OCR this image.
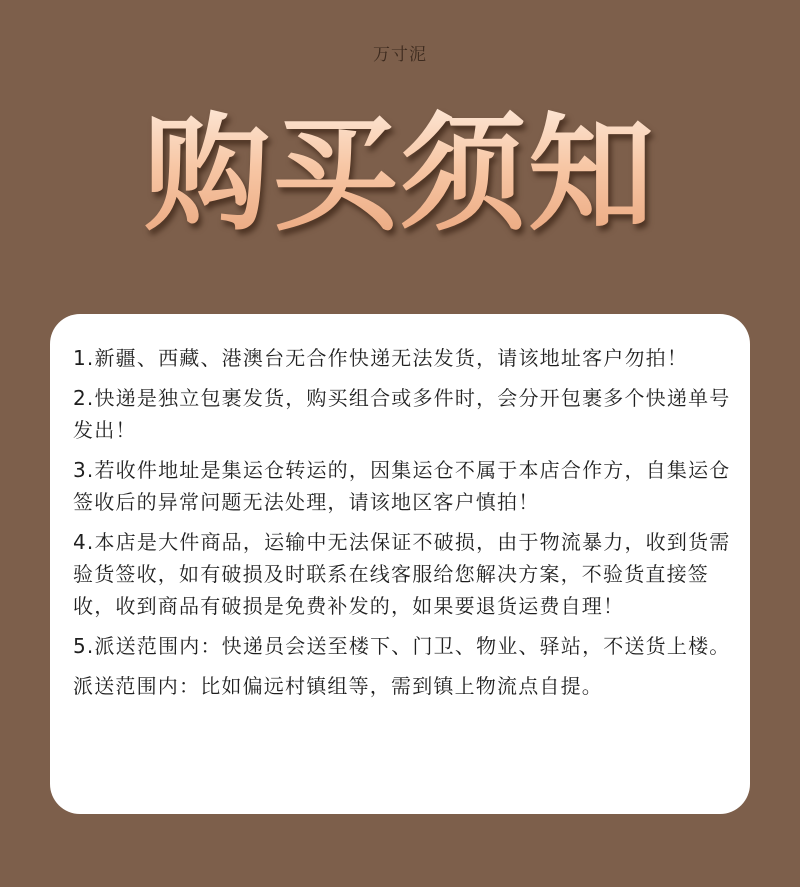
万寸泥
购买须知

1.新疆、西藏、港澳台无合作快递无法发货，请该地址客户勿拍！

2.快递是独立包裹发货，购买组合或多件时，会分开包裹多个快递单号发出！

3.若收件地址是集运仓转运的，因集运仓不属于本店合作方，自集运仓签收后的异常问题无法处理，请该地区客户慎拍！

4.本店是大件商品，运输中无法保证不破损，由于物流暴力，收到货需验货签收，如有破损及时联系在线客服给您解决方案，不验货直接签收，收到商品有破损是免费补发的，如果要退货运费自理！

5.派送范围内：快递员会送至楼下、门卫、物业、驿站，不送货上楼。

派送范围内：比如偏远村镇组等，需到镇上物流点自提。
